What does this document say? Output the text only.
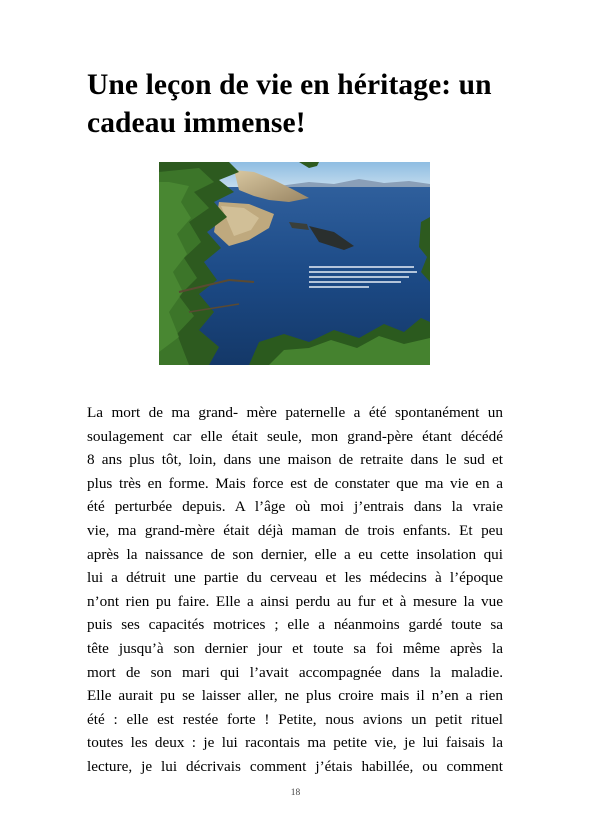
Une leçon de vie en héritage: un cadeau immense!
La mort de ma grand- mère paternelle a été spontanément un
soulagement car elle était seule, mon grand-père étant décédé
8 ans plus tôt, loin, dans une maison de retraite dans le sud et
plus très en forme. Mais force est de constater que ma vie en a
été perturbée depuis. A l’âge où moi j’entrais dans la vraie
vie, ma grand-mère était déjà maman de trois enfants. Et peu
après la naissance de son dernier, elle a eu cette insolation qui
lui a détruit une partie du cerveau et les médecins à l’époque
n’ont rien pu faire. Elle a ainsi perdu au fur et à mesure la vue
puis ses capacités motrices ; elle a néanmoins gardé toute sa
tête jusqu’à son dernier jour et toute sa foi même après la
mort de son mari qui l’avait accompagnée dans la maladie.
Elle aurait pu se laisser aller, ne plus croire mais il n’en a rien
été : elle est restée forte ! Petite, nous avions un petit rituel
toutes les deux : je lui racontais ma petite vie, je lui faisais la
lecture, je lui décrivais comment j’étais habillée, ou comment
18
